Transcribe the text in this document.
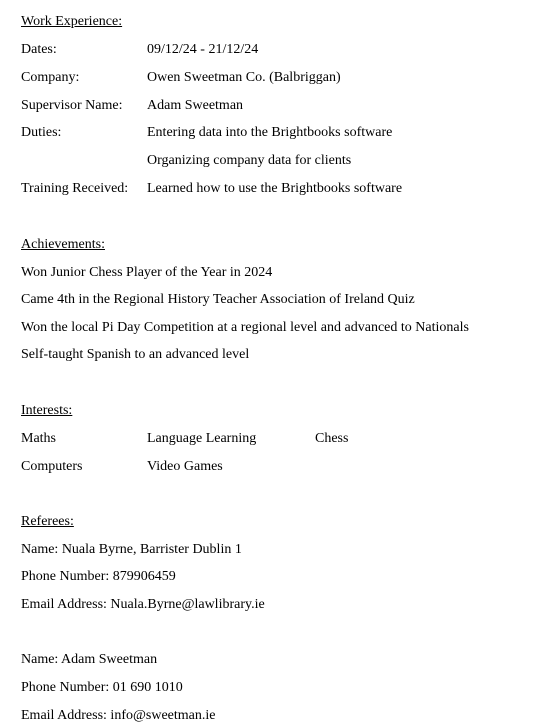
Work Experience:
Dates:	09/12/24 - 21/12/24
Company:	Owen Sweetman Co. (Balbriggan)
Supervisor Name: Adam Sweetman
Duties:	Entering data into the Brightbooks software
Organizing company data for clients
Training Received: Learned how to use the Brightbooks software
Achievements:
Won Junior Chess Player of the Year in 2024
Came 4th in the Regional History Teacher Association of Ireland Quiz
Won the local Pi Day Competition at a regional level and advanced to Nationals
Self-taught Spanish to an advanced level
Interests:
Maths	Language Learning	Chess
Computers	Video Games
Referees:
Name: Nuala Byrne, Barrister Dublin 1
Phone Number: 879906459
Email Address: Nuala.Byrne@lawlibrary.ie
Name: Adam Sweetman
Phone Number: 01 690 1010
Email Address: info@sweetman.ie
